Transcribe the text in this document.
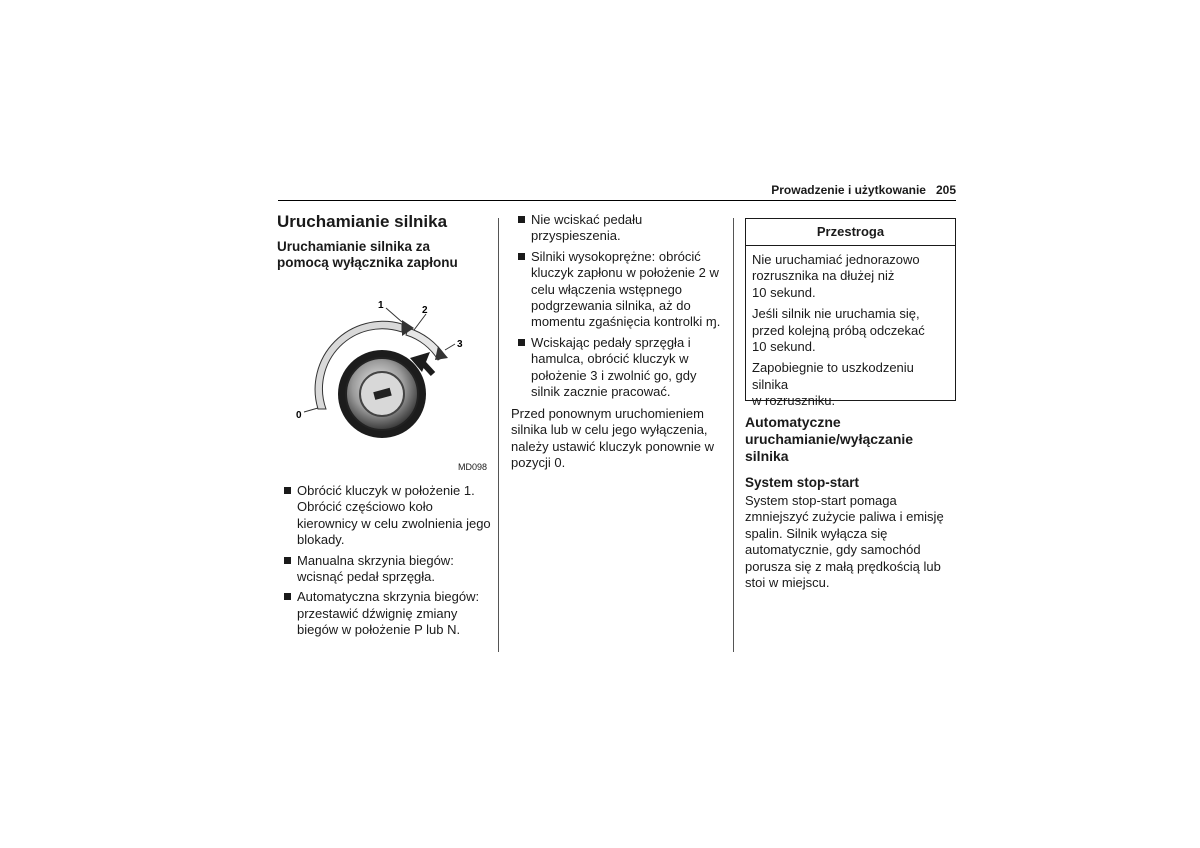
Prowadzenie i użytkowanie 205
Uruchamianie silnika
Uruchamianie silnika za
pomocą wyłącznika zapłonu
1	2
3
0
MD098
Obrócić kluczyk w położenie 1.
Obrócić częściowo koło
kierownicy w celu zwolnienia jego
blokady.
Manualna skrzynia biegów:
wcisnąć pedał sprzęgła.
Automatyczna skrzynia biegów:
przestawić dźwignię zmiany
biegów w położenie P lub N.
Nie wciskać pedału
przyspieszenia.
Silniki wysokoprężne: obrócić
kluczyk zapłonu w położenie 2 w
celu włączenia wstępnego
podgrzewania silnika, aż do
momentu zgaśnięcia kontrolki ɱ.
Wciskając pedały sprzęgła i
hamulca, obrócić kluczyk w
położenie 3 i zwolnić go, gdy
silnik zacznie pracować.
Przed ponownym uruchomieniem
silnika lub w celu jego wyłączenia,
należy ustawić kluczyk ponownie w
pozycji 0.
Przestroga

Nie uruchamiać jednorazowo
rozrusznika na dłużej niż
10 sekund.

Jeśli silnik nie uruchamia się,
przed kolejną próbą odczekać
10 sekund.

Zapobiegnie to uszkodzeniu silnika
w rozruszniku.

Automatyczne
uruchamianie/wyłączanie
silnika
System stop-start
System stop-start pomaga
zmniejszyć zużycie paliwa i emisję
spalin. Silnik wyłącza się
automatycznie, gdy samochód
porusza się z małą prędkością lub
stoi w miejscu.
